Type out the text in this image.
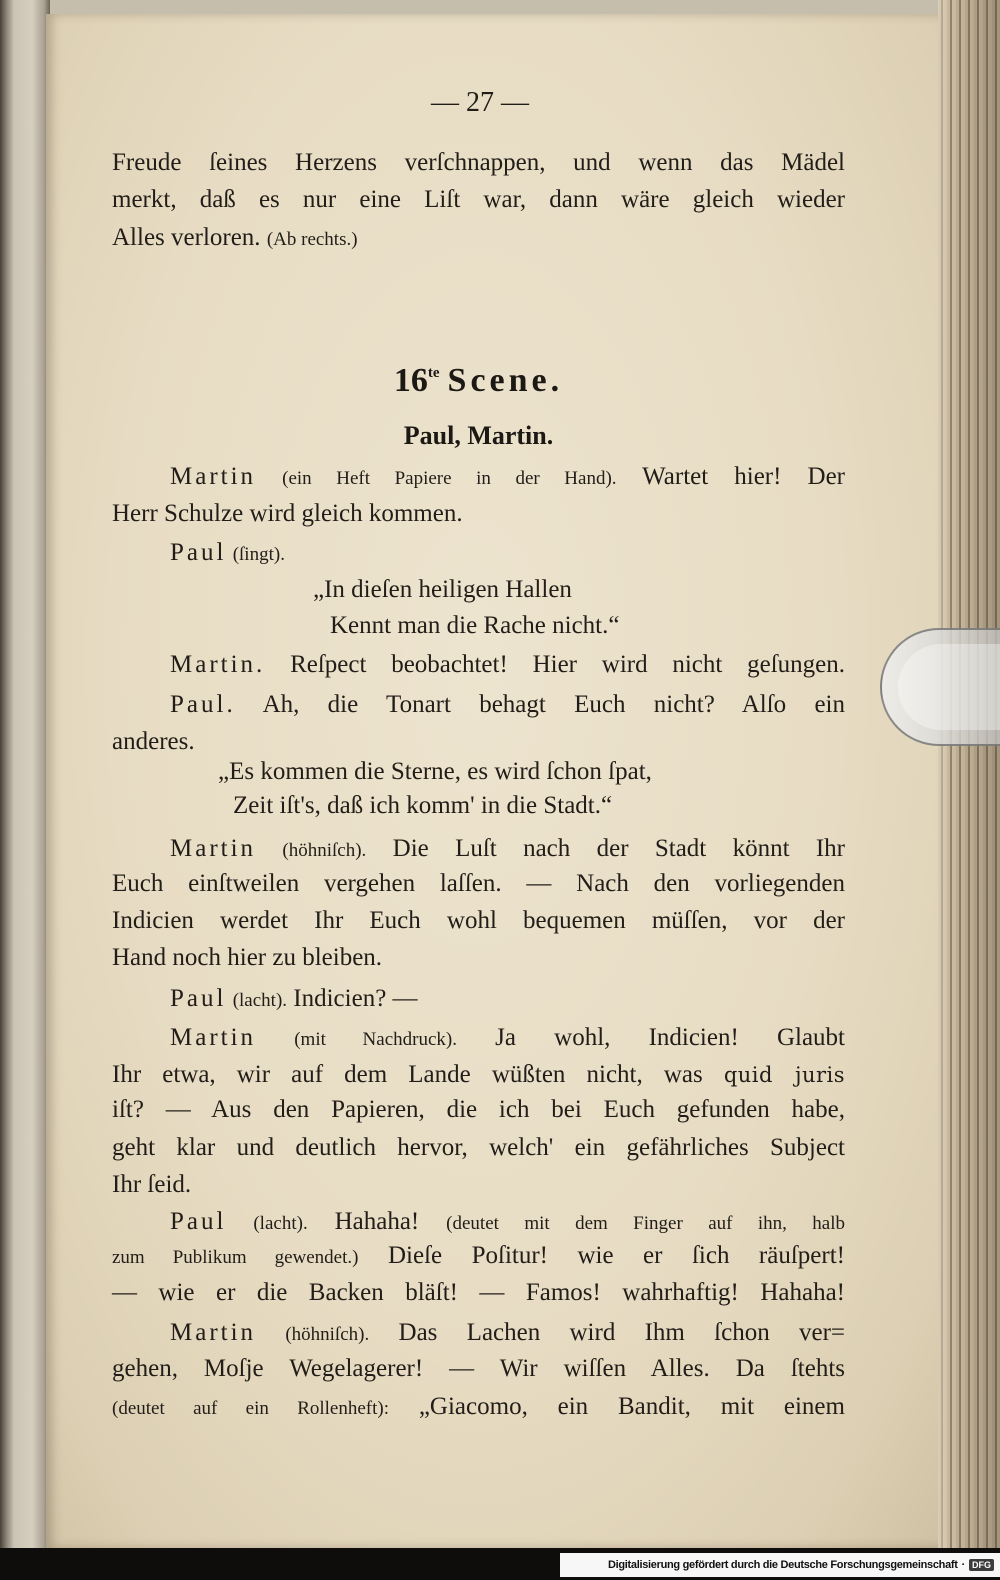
— 27 —
Freude ſeines Herzens verſchnappen, und wenn das Mädel
merkt, daß es nur eine Liſt war, dann wäre gleich wieder
Alles verloren. (Ab rechts.)
$16^{te}$ Scene.
Paul, Martin.
Martin (ein Heft Papiere in der Hand). Wartet hier! Der
Herr Schulze wird gleich kommen.
Paul (ſingt).
„In dieſen heiligen Hallen
Kennt man die Rache nicht.“
Martin. Reſpect beobachtet! Hier wird nicht geſungen.
Paul. Ah, die Tonart behagt Euch nicht? Alſo ein
anderes.
„Es kommen die Sterne, es wird ſchon ſpat,
Zeit iſt's, daß ich komm' in die Stadt.“
Martin (höhniſch). Die Luſt nach der Stadt könnt Ihr
Euch einſtweilen vergehen laſſen. — Nach den vorliegenden
Indicien werdet Ihr Euch wohl bequemen müſſen, vor der
Hand noch hier zu bleiben.
Paul (lacht). Indicien? —
Martin (mit Nachdruck). Ja wohl, Indicien! Glaubt
Ihr etwa, wir auf dem Lande wüßten nicht, was quid juris
iſt? — Aus den Papieren, die ich bei Euch gefunden habe,
geht klar und deutlich hervor, welch' ein gefährliches Subject
Ihr ſeid.
Paul (lacht). Hahaha! (deutet mit dem Finger auf ihn, halb
zum Publikum gewendet.) Dieſe Poſitur! wie er ſich räuſpert!
— wie er die Backen bläſt! — Famos! wahrhaftig! Hahaha!
Martin (höhniſch). Das Lachen wird Ihm ſchon ver=
gehen, Moſje Wegelagerer! — Wir wiſſen Alles. Da ſtehts
(deutet auf ein Rollenheft): „Giacomo, ein Bandit, mit einem
Digitalisierung gefördert durch die Deutsche Forschungsgemeinschaft · DFG
